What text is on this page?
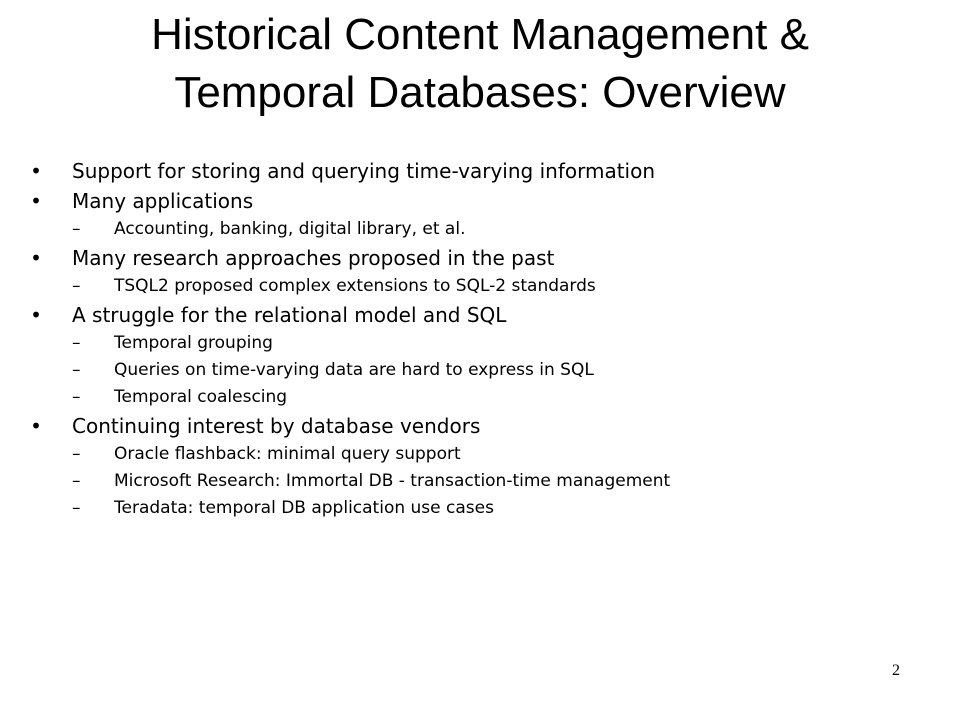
Historical Content Management &
Temporal Databases: Overview
• Support for storing and querying time-varying information
• Many applications
– Accounting, banking, digital library, et al.
• Many research approaches proposed in the past
– TSQL2 proposed complex extensions to SQL-2 standards
• A struggle for the relational model and SQL
– Temporal grouping
– Queries on time-varying data are hard to express in SQL
– Temporal coalescing
• Continuing interest by database vendors
– Oracle flashback: minimal query support
– Microsoft Research: Immortal DB - transaction-time management
– Teradata: temporal DB application use cases
2
